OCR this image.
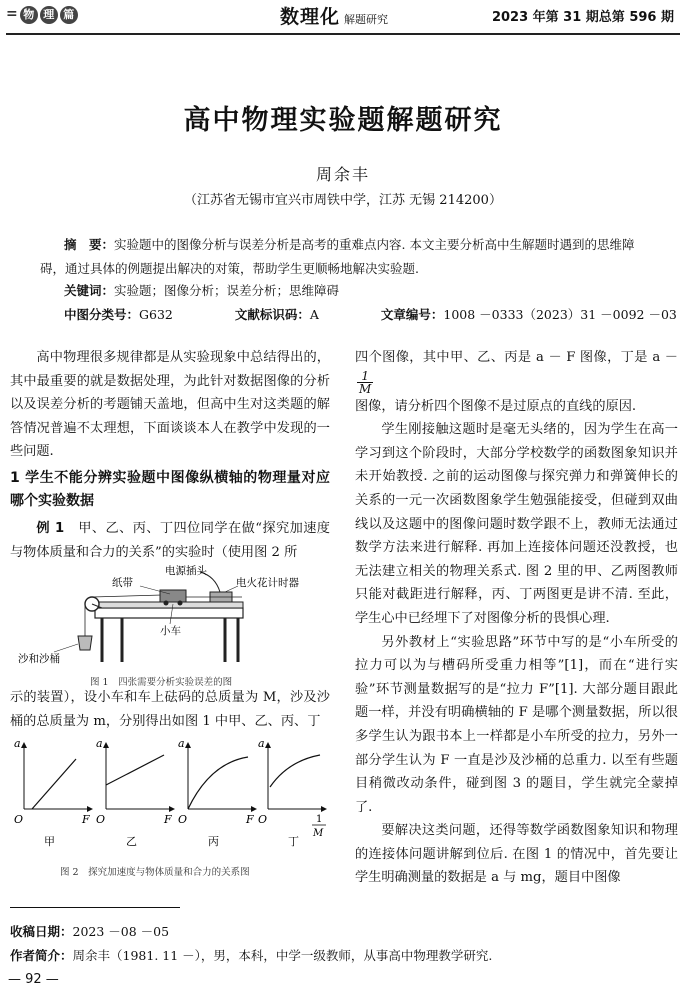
= 物 理 篇	数理化 解题研究	2023 年第 31 期总第 596 期
高中物理实验题解题研究
周余丰
（江苏省无锡市宜兴市周铁中学，江苏 无锡 214200）
摘　要：实验题中的图像分析与误差分析是高考的重难点内容. 本文主要分析高中生解题时遇到的思维障碍，通过具体的例题提出解决的对策，帮助学生更顺畅地解决实验题.
关键词：实验题；图像分析；误差分析；思维障碍
中图分类号：G632	文献标识码：A	文章编号：1008 －0333（2023）31 －0092 －03

高中物理很多规律都是从实验现象中总结得出的，其中最重要的就是数据处理，为此针对数据图像的分析以及误差分析的考题铺天盖地，但高中生对这类题的解答情况普遍不太理想，下面谈谈本人在教学中发现的一些问题.

1 学生不能分辨实验题中图像纵横轴的物理量对应哪个实验数据

例 1　 甲、乙、丙、丁四位同学在做“探究加速度与物体质量和合力的关系”的实验时（使用图 2 所

电源插头
纸带	电火花计时器
小车
沙和沙桶
图 1　四张需要分析实验误差的图

示的装置），设小车和车上砝码的总质量为 M，沙及沙桶的总质量为 m，分别得出如图 1 中甲、乙、丙、丁

a
O	F
甲
a
O	F
乙
a
O	F
丙
a
O	1
M
丁
图 2　探究加速度与物体质量和合力的关系图

四个图像，其中甲、乙、丙是 a － F 图像，丁是 a －
$\frac{1}{M}$

图像，请分析四个图像不是过原点的直线的原因.

学生刚接触这题时是毫无头绪的，因为学生在高一学习到这个阶段时，大部分学校数学的函数图象知识并未开始教授. 之前的运动图像与探究弹力和弹簧伸长的关系的一元一次函数图象学生勉强能接受，但碰到双曲线以及这题中的图像问题时数学跟不上，教师无法通过数学方法来进行解释. 再加上连接体问题还没教授，也无法建立相关的物理关系式. 图 2 里的甲、乙两图教师只能对截距进行解释，丙、丁两图更是讲不清. 至此，学生心中已经埋下了对图像分析的畏惧心理.

另外教材上“实验思路”环节中写的是“小车所受的拉力可以为与槽码所受重力相等”[1]，而在“进行实验”环节测量数据写的是“拉力 F”[1]. 大部分题目跟此题一样，并没有明确横轴的 F 是哪个测量数据，所以很多学生认为跟书本上一样都是小车所受的拉力，另外一部分学生认为 F 一直是沙及沙桶的总重力. 以至有些题目稍微改动条件，碰到图 3 的题目，学生就完全蒙掉了.

要解决这类问题，还得等数学函数图象知识和物理的连接体问题讲解到位后. 在图 1 的情况中，首先要让学生明确测量的数据是 a 与 mg，题目中图像

收稿日期：2023 －08 －05
作者简介：周余丰（1981. 11 －），男，本科，中学一级教师，从事高中物理教学研究.
— 92 —
